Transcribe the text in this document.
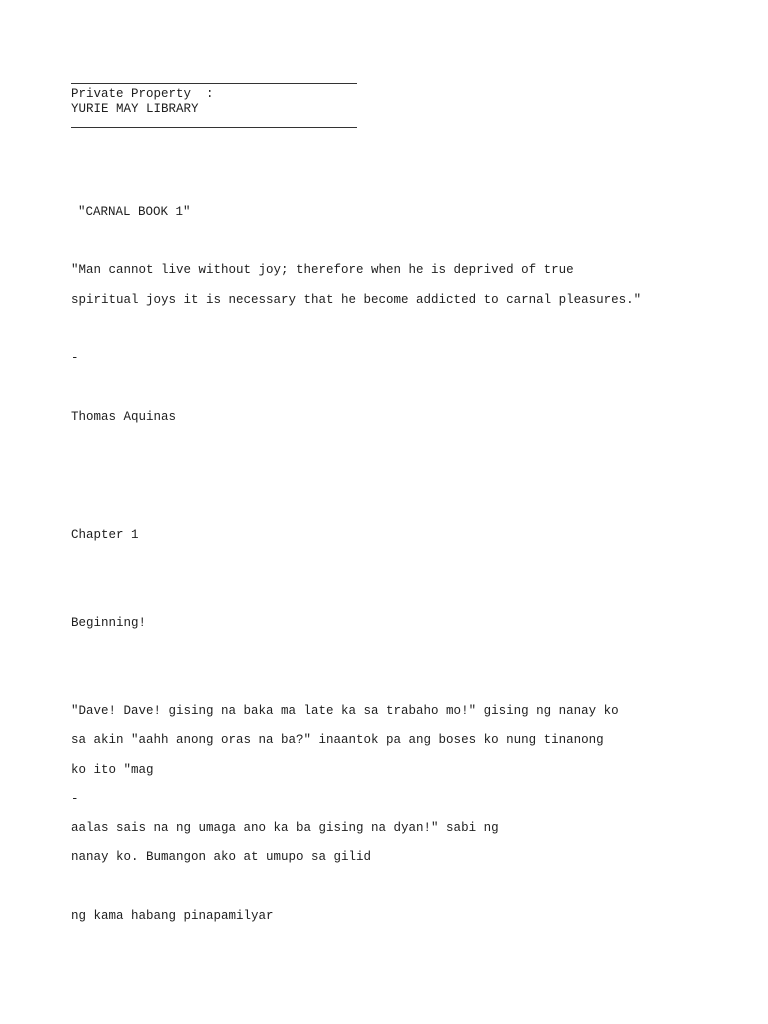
Private Property  :
YURIE MAY LIBRARY
"CARNAL BOOK 1"
"Man cannot live without joy; therefore when he is deprived of true
spiritual joys it is necessary that he become addicted to carnal pleasures."
-
Thomas Aquinas
Chapter 1
Beginning!
"Dave! Dave! gising na baka ma late ka sa trabaho mo!" gising ng nanay ko
sa akin "aahh anong oras na ba?" inaantok pa ang boses ko nung tinanong
ko ito "mag
-
aalas sais na ng umaga ano ka ba gising na dyan!" sabi ng
nanay ko. Bumangon ako at umupo sa gilid
ng kama habang pinapamilyar
